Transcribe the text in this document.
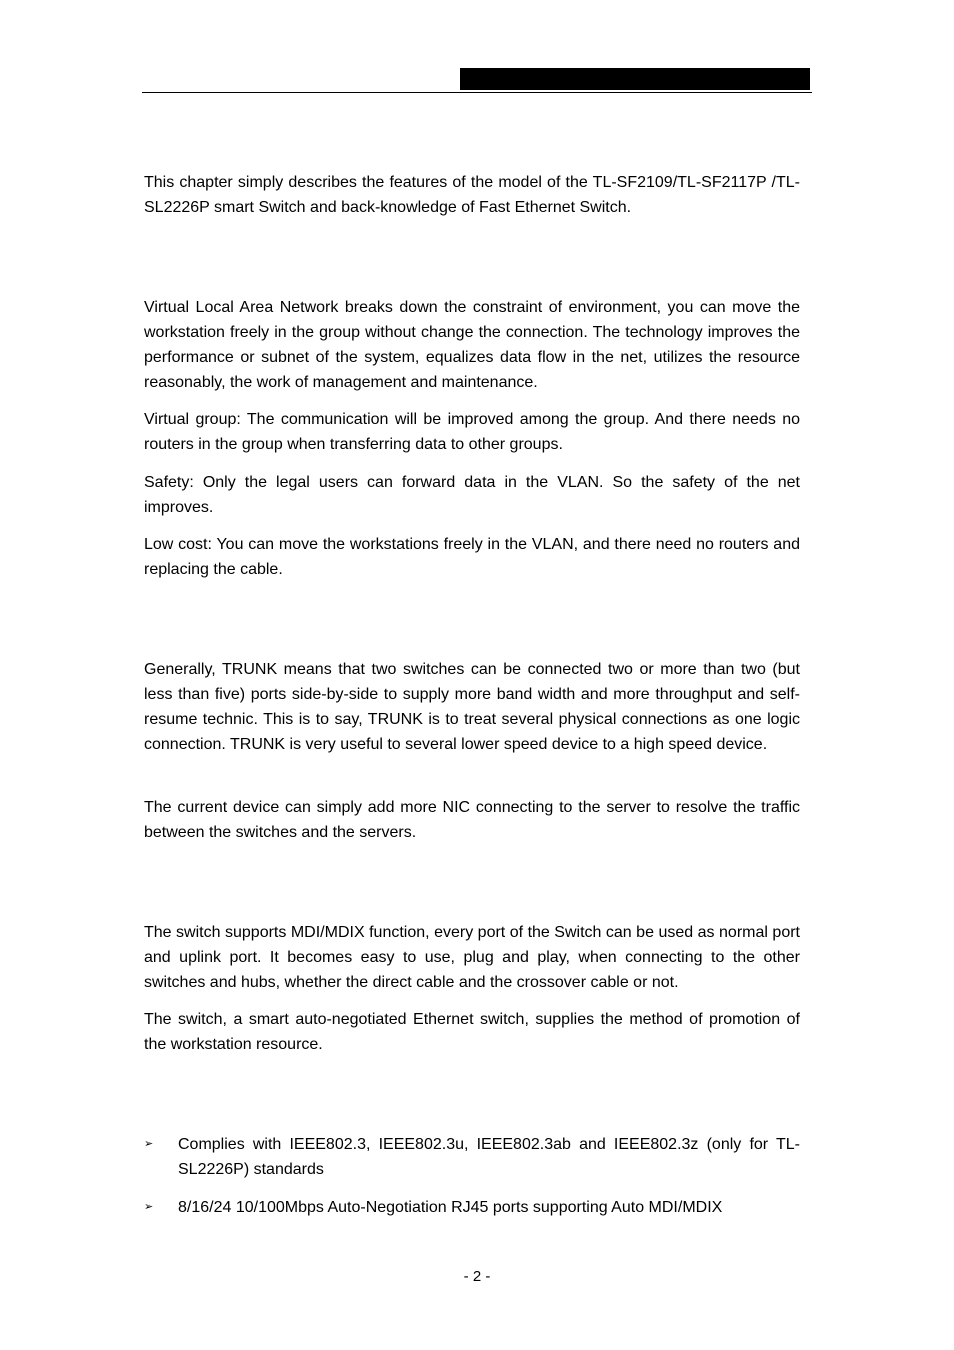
This chapter simply describes the features of the model of the TL-SF2109/TL-SF2117P /TL-SL2226P smart Switch and back-knowledge of Fast Ethernet Switch.

Virtual Local Area Network breaks down the constraint of environment, you can move the workstation freely in the group without change the connection. The technology improves the performance or subnet of the system, equalizes data flow in the net, utilizes the resource reasonably, the work of management and maintenance.

Virtual group: The communication will be improved among the group. And there needs no routers in the group when transferring data to other groups.

Safety: Only the legal users can forward data in the VLAN. So the safety of the net improves.

Low cost: You can move the workstations freely in the VLAN, and there need no routers and replacing the cable.

Generally, TRUNK means that two switches can be connected two or more than two (but less than five) ports side-by-side to supply more band width and more throughput and self-resume technic. This is to say, TRUNK is to treat several physical connections as one logic connection. TRUNK is very useful to several lower speed device to a high speed device.

The current device can simply add more NIC connecting to the server to resolve the traffic between the switches and the servers.

The switch supports MDI/MDIX function, every port of the Switch can be used as normal port and uplink port. It becomes easy to use, plug and play, when connecting to the other switches and hubs, whether the direct cable and the crossover cable or not.

The switch, a smart auto-negotiated Ethernet switch, supplies the method of promotion of the workstation resource.

➢ Complies with IEEE802.3, IEEE802.3u, IEEE802.3ab and IEEE802.3z (only for TL-SL2226P) standards
➢ 8/16/24 10/100Mbps Auto-Negotiation RJ45 ports supporting Auto MDI/MDIX
- 2 -
